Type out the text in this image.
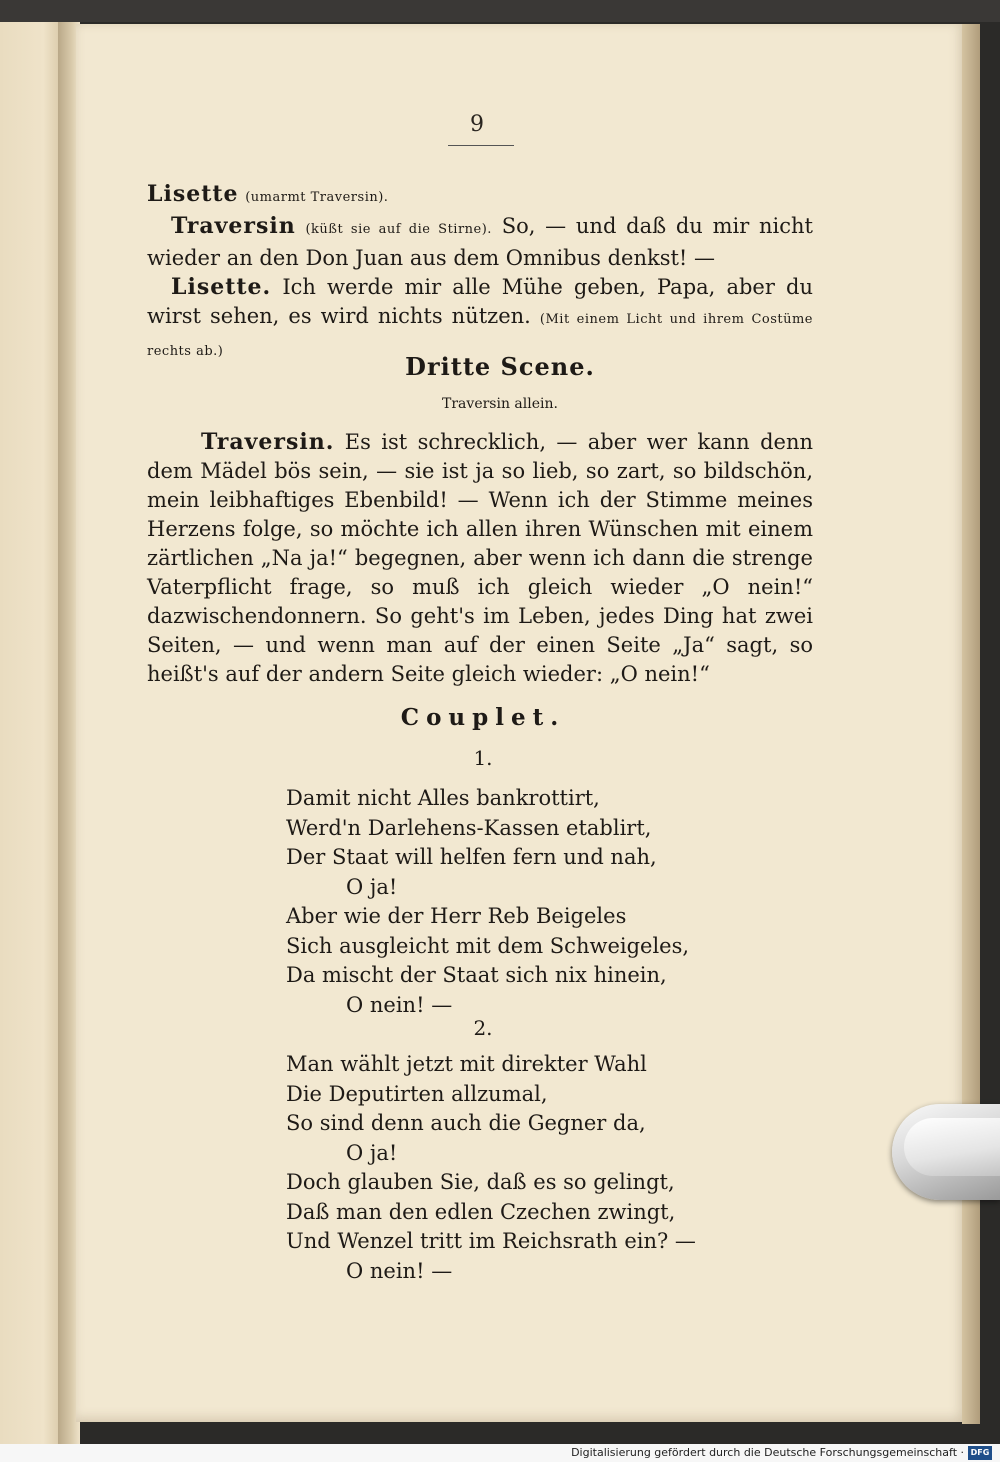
9
Lisette (umarmt Traversin).
Traversin (küßt sie auf die Stirne). So, — und daß du mir nicht wieder an den Don Juan aus dem Omnibus denkst! —
Lisette. Ich werde mir alle Mühe geben, Papa, aber du wirst sehen, es wird nichts nützen. (Mit einem Licht und ihrem Costüme rechts ab.)
Dritte Scene.
Traversin allein.
Traversin. Es ist schrecklich, — aber wer kann denn dem Mädel bös sein, — sie ist ja so lieb, so zart, so bildschön, mein leibhaftiges Ebenbild! — Wenn ich der Stimme meines Herzens folge, so möchte ich allen ihren Wünschen mit einem zärtlichen „Na ja!“ begegnen, aber wenn ich dann die strenge Vaterpflicht frage, so muß ich gleich wieder „O nein!“ dazwischendonnern. So geht's im Leben, jedes Ding hat zwei Seiten, — und wenn man auf der einen Seite „Ja“ sagt, so heißt's auf der andern Seite gleich wieder: „O nein!“
Couplet.
1.
Damit nicht Alles bankrottirt,
Werd'n Darlehens-Kassen etablirt,
Der Staat will helfen fern und nah,
O ja!
Aber wie der Herr Reb Beigeles
Sich ausgleicht mit dem Schweigeles,
Da mischt der Staat sich nix hinein,
O nein! —
2.
Man wählt jetzt mit direkter Wahl
Die Deputirten allzumal,
So sind denn auch die Gegner da,
O ja!
Doch glauben Sie, daß es so gelingt,
Daß man den edlen Czechen zwingt,
Und Wenzel tritt im Reichsrath ein? —
O nein! —
Digitalisierung gefördert durch die Deutsche Forschungsgemeinschaft · DFG
